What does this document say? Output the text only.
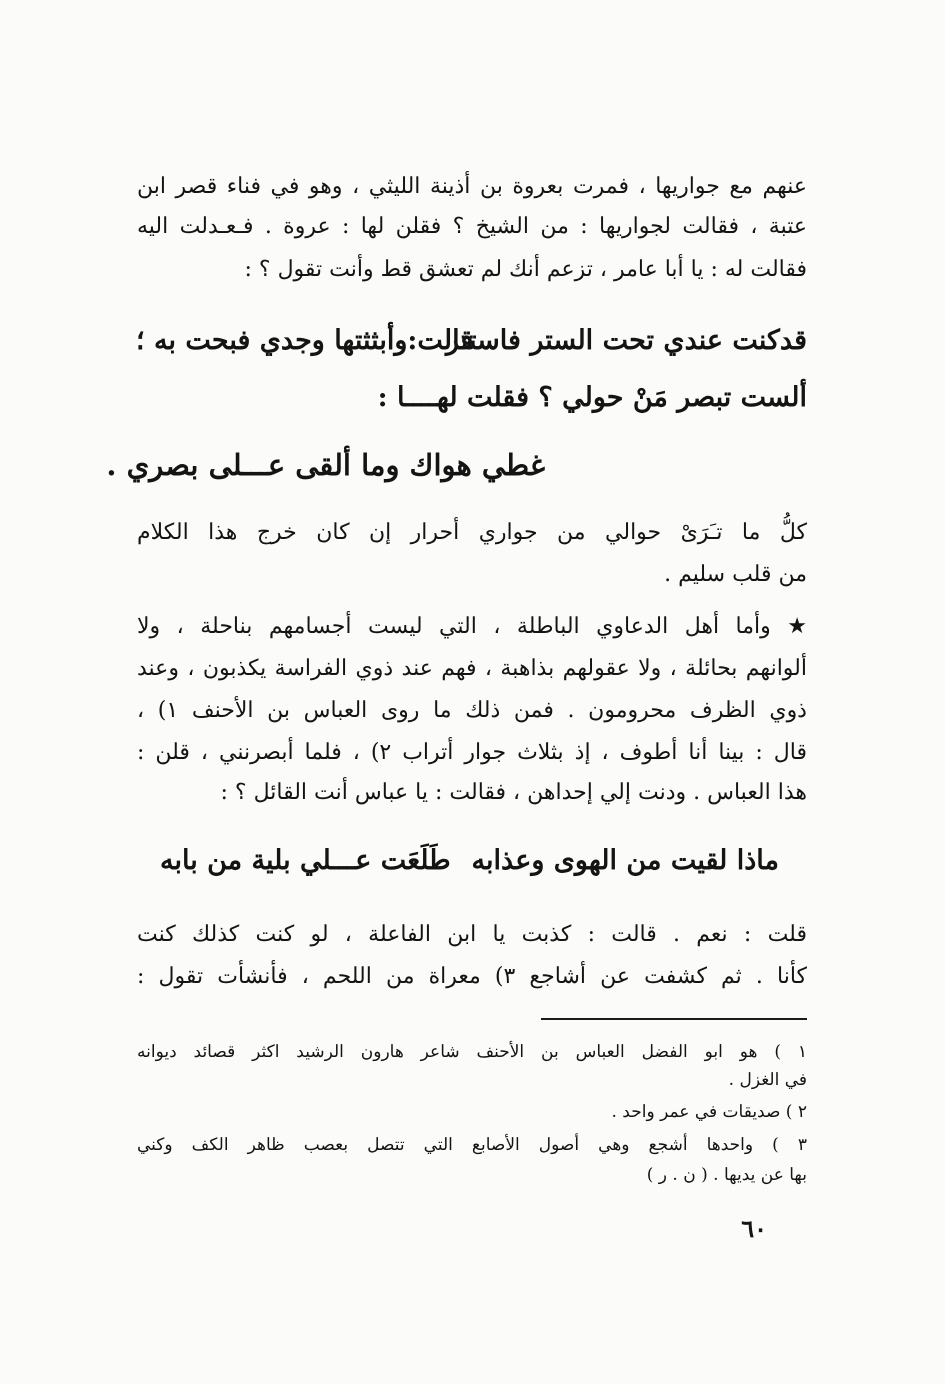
عنهم مع جواريها ، فمرت بعروة بن أذينة الليثي ، وهو في فناء قصر ابن
عتبة ، فقالت لجواريها : من الشيخ ؟ فقلن لها : عروة . فـعـدلت اليه
فقالت له : يا أبا عامر ، تزعم أنك لم تعشق قط وأنت تقول ؟ :
قدكنت عندي تحت الستر فاستتر
قالت:وأبثثتها وجدي فبحت به ؛
ألست تبصر مَنْ حولي ؟ فقلت لهــــا :
غطي هواك وما ألقى عـــلى بصري .
كلُّ ما تـَرَىْ حوالي من جواري أحرار إن كان خرج هذا الكلام
من قلب سليم .
★ وأما أهل الدعاوي الباطلة ، التي ليست أجسامهم بناحلة ، ولا
ألوانهم بحائلة ، ولا عقولهم بذاهبة ، فهم عند ذوي الفراسة يكذبون ، وعند
ذوي الظرف محرومون . فمن ذلك ما روى العباس بن الأحنف ١) ،
قال : بينا أنا أطوف ، إذ بثلاث جوار أتراب ٢) ، فلما أبصرنني ، قلن :
هذا العباس . ودنت إلي إحداهن ، فقالت : يا عباس أنت القائل ؟ :
ماذا لقيت من الهوى وعذابه
طَلَعَت عـــلي بلية من بابه
قلت : نعم . قالت : كذبت يا ابن الفاعلة ، لو كنت كذلك كنت
كأنا . ثم كشفت عن أشاجع ٣) معراة من اللحم ، فأنشأت تقول :
١ ) هو ابو الفضل العباس بن الأحنف شاعر هارون الرشيد اكثر قصائد ديوانه
في الغزل .
٢ ) صديقات في عمر واحد .
٣ ) واحدها أشجع وهي أصول الأصابع التي تتصل بعصب ظاهر الكف وكني
بها عن يديها . ( ن . ر )
٦٠
